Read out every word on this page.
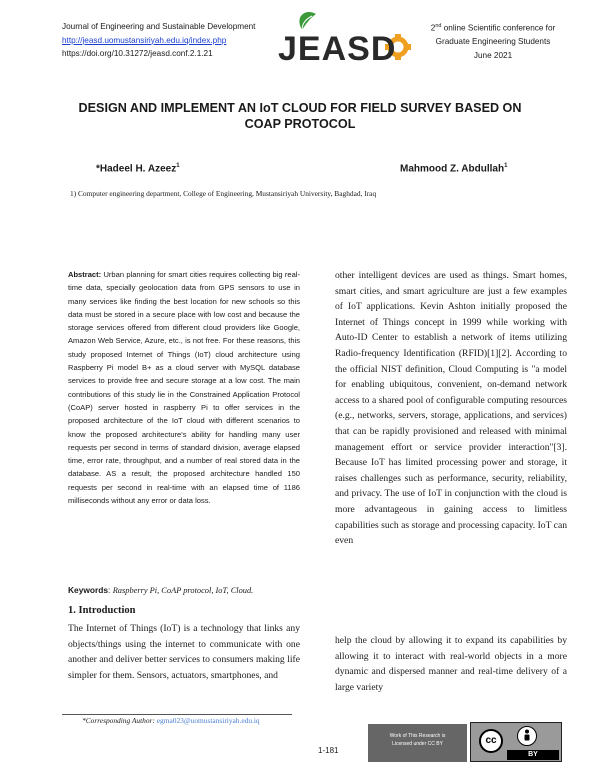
Journal of Engineering and Sustainable Development
http://jeasd.uomustansiriyah.edu.iq/index.php
https://doi.org/10.31272/jeasd.conf.2.1.21	JEASD
2nd online Scientific conference for
Graduate Engineering Students
June 2021
DESIGN AND IMPLEMENT AN IoT CLOUD FOR FIELD SURVEY BASED ON COAP PROTOCOL
*Hadeel H. Azeez$^1$	Mahmood Z. Abdullah$^1$
1) Computer engineering department, College of Engineering, Mustansiriyah University, Baghdad, Iraq
Abstract: Urban planning for smart cities requires collecting big real-time data, specially geolocation data from GPS sensors to use in many services like finding the best location for new schools so this data must be stored in a secure place with low cost and because the storage services offered from different cloud providers like Google, Amazon Web Service, Azure, etc., is not free. For these reasons, this study proposed Internet of Things (IoT) cloud architecture using Raspberry Pi model B+ as a cloud server with MySQL database services to provide free and secure storage at a low cost. The main contributions of this study lie in the Constrained Application Protocol (CoAP) server hosted in raspberry Pi to offer services in the proposed architecture of the IoT cloud with different scenarios to know the proposed architecture's ability for handling many user requests per second in terms of standard division, average elapsed time, error rate, throughput, and a number of real stored data in the database. AS a result, the proposed architecture handled 150 requests per second in real-time with an elapsed time of 1186 milliseconds without any error or data loss.
Keywords: Raspberry Pi, CoAP protocol, IoT, Cloud.
1. Introduction
The Internet of Things (IoT) is a technology that links any objects/things using the internet to communicate with one another and deliver better services to consumers making life simpler for them. Sensors, actuators, smartphones, and
other intelligent devices are used as things. Smart homes, smart cities, and smart agriculture are just a few examples of IoT applications. Kevin Ashton initially proposed the Internet of Things concept in 1999 while working with Auto-ID Center to establish a network of items utilizing Radio-frequency Identification (RFID)[1][2]. According to the official NIST definition, Cloud Computing is "a model for enabling ubiquitous, convenient, on-demand network access to a shared pool of configurable computing resources (e.g., networks, servers, storage, applications, and services) that can be rapidly provisioned and released with minimal management effort or service provider interaction"[3]. Because IoT has limited processing power and storage, it raises challenges such as performance, security, reliability, and privacy. The use of IoT in conjunction with the cloud is more advantageous in gaining access to limitless capabilities such as storage and processing capacity. IoT can even
help the cloud by allowing it to expand its capabilities by allowing it to interact with real-world objects in a more dynamic and dispersed manner and real-time delivery of a large variety
*Corresponding Author: egma023@uomustansiriyah.edu.iq
1-181
Work of This Research is
Licensed under CC BY	cc
BY
